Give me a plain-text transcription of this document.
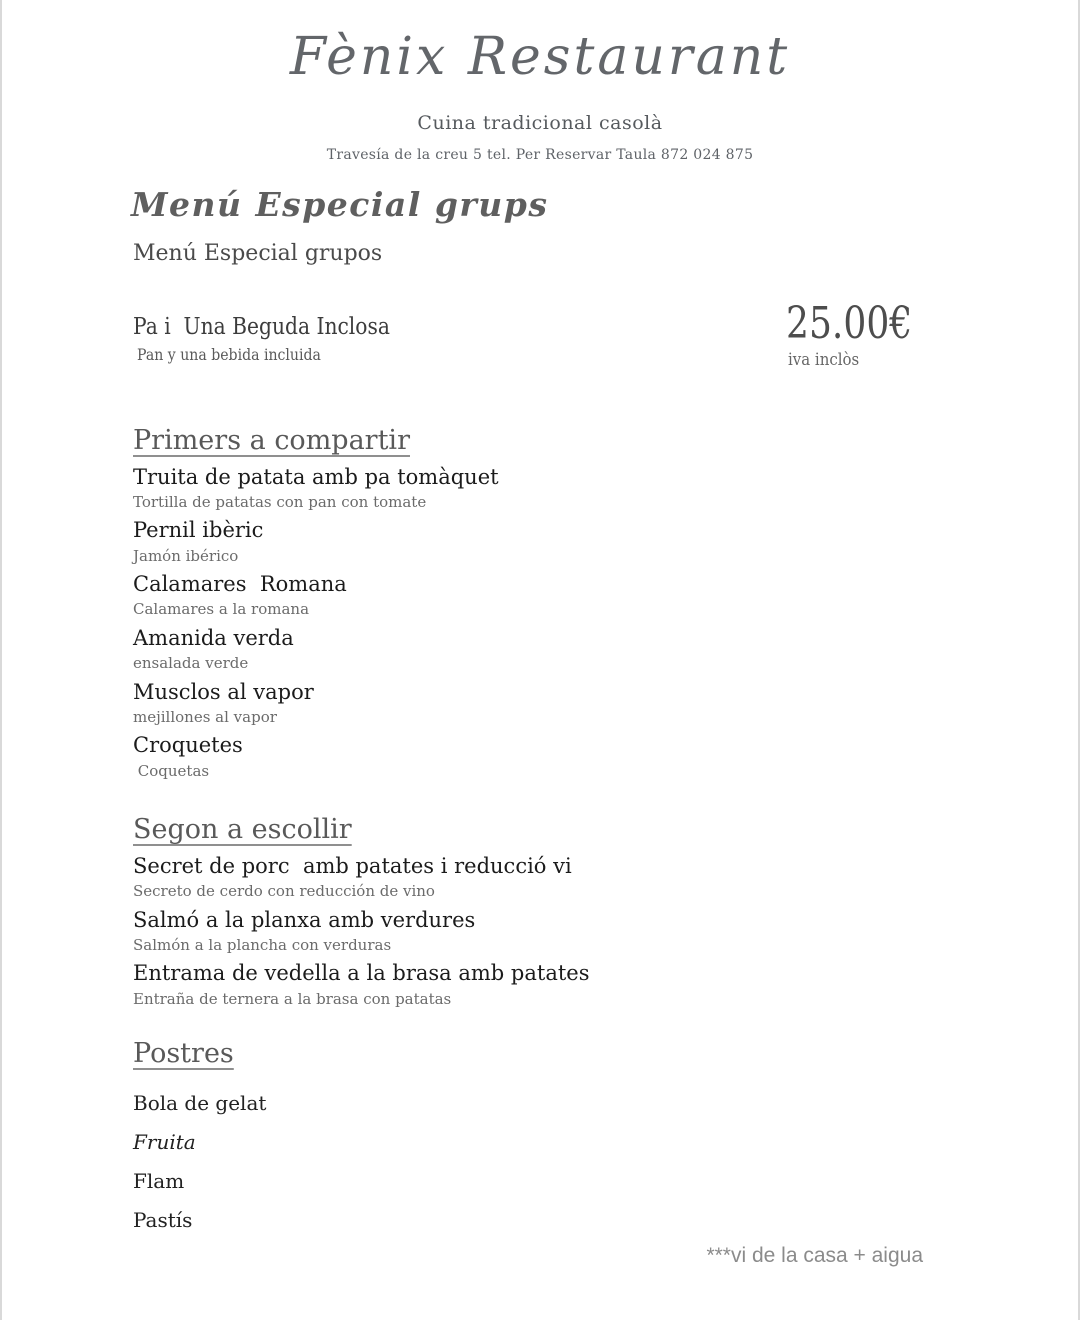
Fènix Restaurant

Cuina tradicional casolà

Travesía de la creu 5 tel. Per Reservar Taula 872 024 875

Menú Especial grups

Menú Especial grupos

Pa i  Una Beguda Inclosa

Pan y una bebida incluida

25.00€

iva inclòs

Primers a compartir

Truita de patata amb pa tomàquet

Tortilla de patatas con pan con tomate

Pernil ibèric

Jamón ibérico

Calamares  Romana

Calamares a la romana

Amanida verda

ensalada verde

Musclos al vapor

mejillones al vapor

Croquetes

Coquetas

Segon a escollir

Secret de porc  amb patates i reducció vi

Secreto de cerdo con reducción de vino

Salmó a la planxa amb verdures

Salmón a la plancha con verduras

Entrama de vedella a la brasa amb patates

Entraña de ternera a la brasa con patatas

Postres

Bola de gelat

Fruita

Flam

Pastís

***vi de la casa + aigua
